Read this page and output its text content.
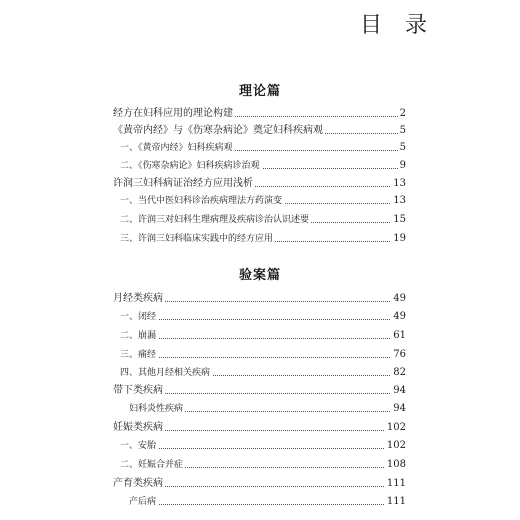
目 录
理论篇
经方在妇科应用的理论构建	2
《黄帝内经》与《伤寒杂病论》奠定妇科疾病观	5
一、《黄帝内经》妇科疾病观	5
二、《伤寒杂病论》妇科疾病诊治观	9
许润三妇科病证治经方应用浅析	13
一、当代中医妇科诊治疾病理法方药演变	13
二、许润三对妇科生理病理及疾病诊治认识述要	15
三、许润三妇科临床实践中的经方应用	19
验案篇
月经类疾病	49
一、闭经	49
二、崩漏	61
三、痛经	76
四、其他月经相关疾病	82
带下类疾病	94
妇科炎性疾病	94
妊娠类疾病	102
一、安胎	102
二、妊娠合并症	108
产育类疾病	111
产后病	111
